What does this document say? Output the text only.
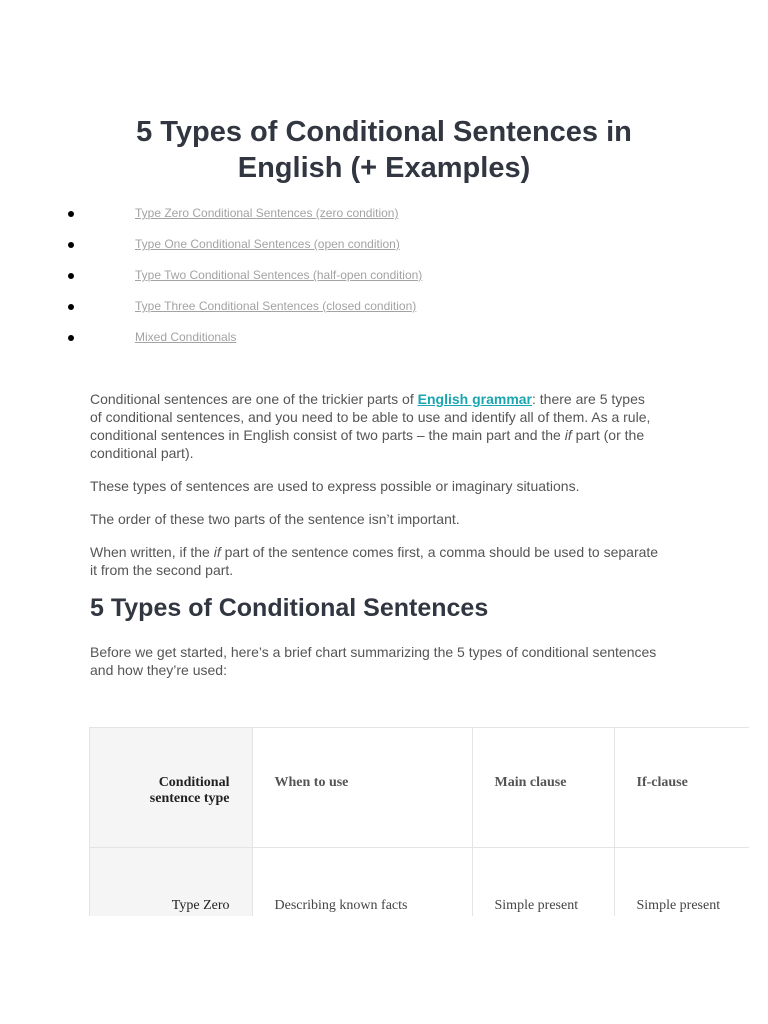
5 Types of Conditional Sentences in English (+ Examples)
Type Zero Conditional Sentences (zero condition)
Type One Conditional Sentences (open condition)
Type Two Conditional Sentences (half-open condition)
Type Three Conditional Sentences (closed condition)
Mixed Conditionals

Conditional sentences are one of the trickier parts of English grammar: there are 5 types of conditional sentences, and you need to be able to use and identify all of them. As a rule, conditional sentences in English consist of two parts – the main part and the if part (or the conditional part).

These types of sentences are used to express possible or imaginary situations.

The order of these two parts of the sentence isn’t important.

When written, if the if part of the sentence comes first, a comma should be used to separate it from the second part.

5 Types of Conditional Sentences

Before we get started, here’s a brief chart summarizing the 5 types of conditional sentences and how they’re used:

Conditional sentence type	When to use	Main clause	If-clause
Type Zero	Describing known facts	Simple present	Simple present
